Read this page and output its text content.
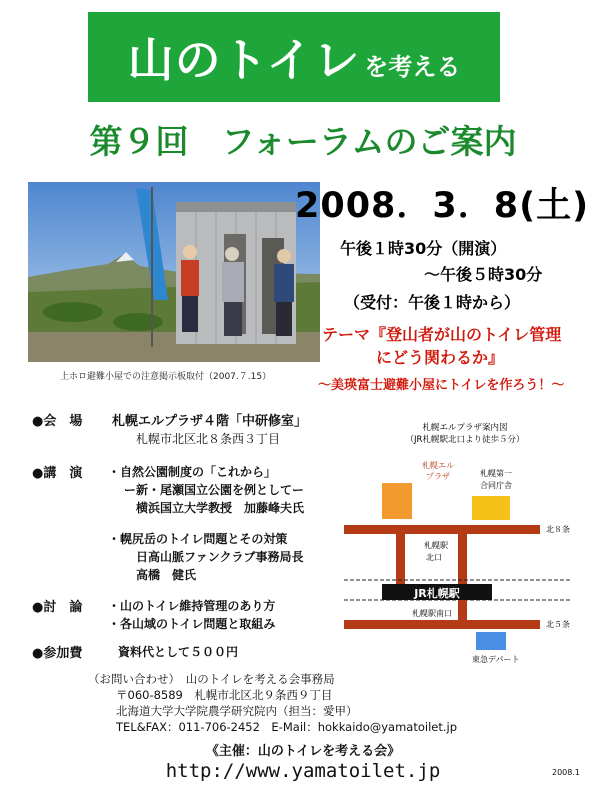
山のトイレ を考える
第９回　フォーラムのご案内
上ホロ避難小屋での注意掲示板取付（2007.７.15）
2008．3．8(土)
午後１時30分（開演）
～午後５時30分
（受付：午後１時から）
テーマ『登山者が山のトイレ管理
にどう関わるか』
～美瑛富士避難小屋にトイレを作ろう！～
●会　場 札幌エルプラザ４階「中研修室」
札幌市北区北８条西３丁目
●講　演 ・自然公園制度の「これから」
ー新・尾瀬国立公園を例としてー
横浜国立大学教授　加藤峰夫氏
・幌尻岳のトイレ問題とその対策
日高山脈ファンクラブ事務局長
高橋　健氏
●討　論 ・山のトイレ維持管理のあり方
・各山域のトイレ問題と取組み
●参加費	資料代として５００円
札幌エルプラザ案内図
（JR札幌駅北口より徒歩５分）
札幌エル
プラザ	札幌第一
合同庁舎
北８条
札幌駅
北口
JR札幌駅
札幌駅南口
北５条
東急デパート
（お問い合わせ）　山のトイレを考える会事務局
〒060-8589　札幌市北区北９条西９丁目
北海道大学大学院農学研究院内（担当：愛甲）
TEL&FAX：011-706-2452　E-Mail：hokkaido@yamatoilet.jp
《主催：山のトイレを考える会》
http://www.yamatoilet.jp	2008.1
